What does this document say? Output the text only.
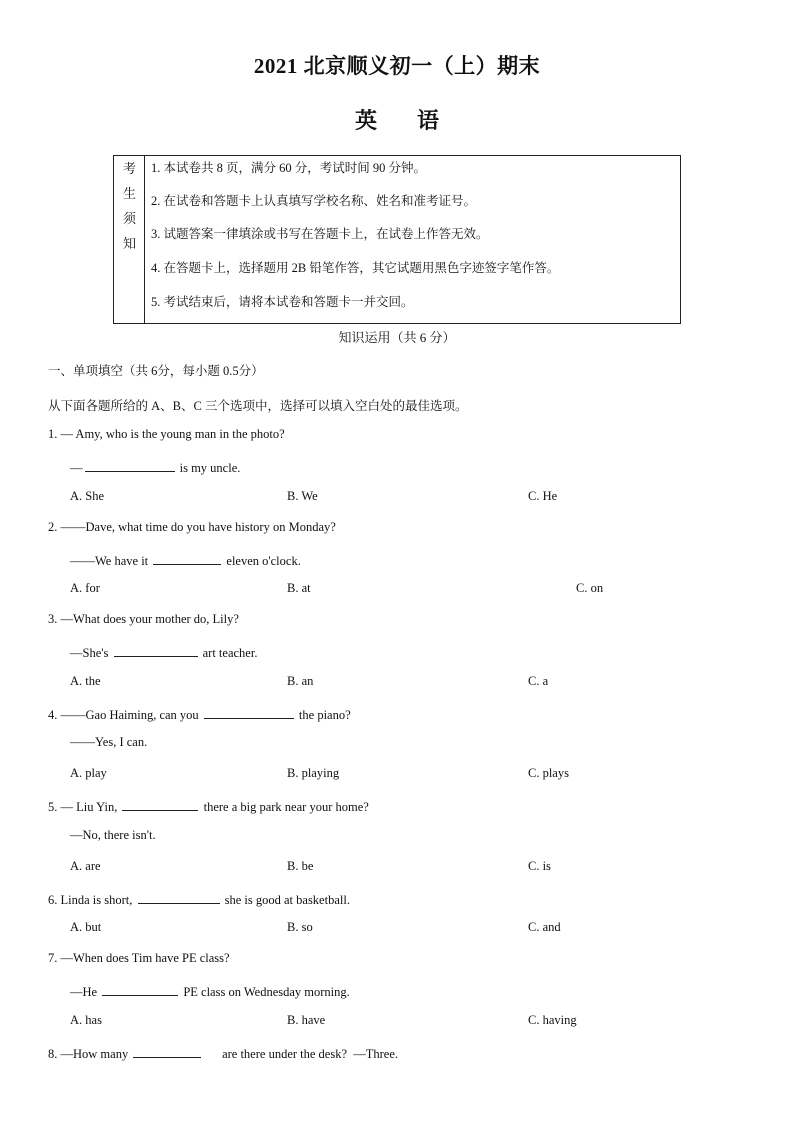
2021 北京顺义初一（上）期末
英语
考
生
须
知
1. 本试卷共 8 页，满分 60 分，考试时间 90 分钟。
2. 在试卷和答题卡上认真填写学校名称、姓名和准考证号。
3. 试题答案一律填涂或书写在答题卡上，在试卷上作答无效。
4. 在答题卡上，选择题用 2B 铅笔作答，其它试题用黑色字迹签字笔作答。
5. 考试结束后，请将本试卷和答题卡一并交回。
知识运用（共 6 分）
一、单项填空（共 6分，每小题 0.5分）
从下面各题所给的 A、B、C 三个选项中，选择可以填入空白处的最佳选项。
1. — Amy, who is the young man in the photo?
—	is my uncle.
A. She	B. We	C. He
2. ——Dave, what time do you have history on Monday?
——We have it	eleven o'clock.
A. for	B. at	C. on
3. —What does your mother do, Lily?
—She's	art teacher.
A. the	B. an	C. a
4. ——Gao Haiming, can you	the piano?
——Yes, I can.
A. play	B. playing	C. plays
5. — Liu Yin,	there a big park near your home?
—No, there isn't.
A. are	B. be	C. is
6. Linda is short,	she is good at basketball.
A. but	B. so	C. and
7. —When does Tim have PE class?
—He	PE class on Wednesday morning.
A. has	B. have	C. having
8. —How many	are there under the desk?  —Three.
